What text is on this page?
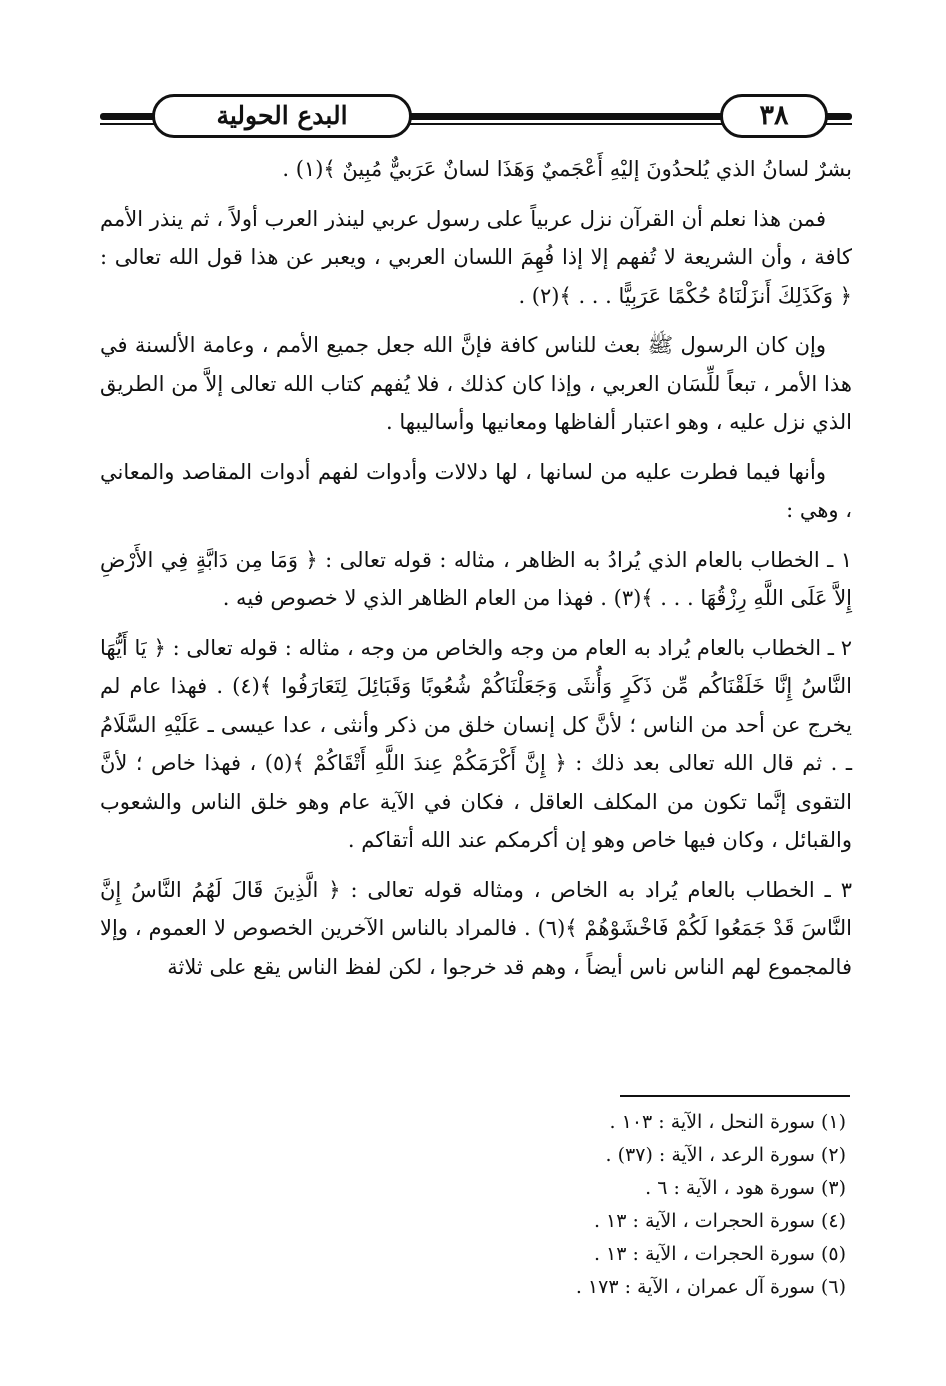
البدع الحولية	٣٨

بشرٌ لسانُ الذي يُلحدُونَ إليْهِ أَعْجَميٌ وَهَذَا لسانٌ عَرَبيٌّ مُبِينٌ ﴾(١) .

فمن هذا نعلم أن القرآن نزل عربياً على رسول عربي لينذر العرب أولاً ، ثم ينذر الأمم كافة ، وأن الشريعة لا تُفهم إلا إذا فُهِمَ اللسان العربي ، ويعبر عن هذا قول الله تعالى : ﴿ وَكَذَلِكَ أَنزَلْنَاهُ حُكْمًا عَرَبِيًّا . . . ﴾(٢) .

وإن كان الرسول ﷺ بعث للناس كافة فإنَّ الله جعل جميع الأمم ، وعامة الألسنة في هذا الأمر ، تبعاً للِّسَان العربي ، وإذا كان كذلك ، فلا يُفهم كتاب الله تعالى إلاَّ من الطريق الذي نزل عليه ، وهو اعتبار ألفاظها ومعانيها وأساليبها .

وأنها فيما فطرت عليه من لسانها ، لها دلالات وأدوات لفهم أدوات المقاصد والمعاني ، وهي :

١ ـ الخطاب بالعام الذي يُرادُ به الظاهر ، مثاله : قوله تعالى : ﴿ وَمَا مِن دَابَّةٍ فِي الأَرْضِ إِلاَّ عَلَى اللَّهِ رِزْقُهَا . . . ﴾(٣) . فهذا من العام الظاهر الذي لا خصوص فيه .

٢ ـ الخطاب بالعام يُراد به العام من وجه والخاص من وجه ، مثاله : قوله تعالى : ﴿ يَا أَيُّهَا النَّاسُ إِنَّا خَلَقْنَاكُم مِّن ذَكَرٍ وَأُنثَى وَجَعَلْنَاكُمْ شُعُوبًا وَقَبَائِلَ لِتَعَارَفُوا ﴾(٤) . فهذا عام لم يخرج عن أحد من الناس ؛ لأنَّ كل إنسان خلق من ذكر وأنثى ، عدا عيسى ـ عَلَيْهِ السَّلَامُ ـ . ثم قال الله تعالى بعد ذلك : ﴿ إِنَّ أَكْرَمَكُمْ عِندَ اللَّهِ أَتْقَاكُمْ ﴾(٥) ، فهذا خاص ؛ لأنَّ التقوى إنَّما تكون من المكلف العاقل ، فكان في الآية عام وهو خلق الناس والشعوب والقبائل ، وكان فيها خاص وهو إن أكرمكم عند الله أتقاكم .

٣ ـ الخطاب بالعام يُراد به الخاص ، ومثاله قوله تعالى : ﴿ الَّذِينَ قَالَ لَهُمُ النَّاسُ إِنَّ النَّاسَ قَدْ جَمَعُوا لَكُمْ فَاخْشَوْهُمْ ﴾(٦) . فالمراد بالناس الآخرين الخصوص لا العموم ، وإلا فالمجموع لهم الناس ناس أيضاً ، وهم قد خرجوا ، لكن لفظ الناس يقع على ثلاثة

(١) سورة النحل ، الآية : ١٠٣ .

(٢) سورة الرعد ، الآية : (٣٧) .

(٣) سورة هود ، الآية : ٦ .

(٤) سورة الحجرات ، الآية : ١٣ .

(٥) سورة الحجرات ، الآية : ١٣ .

(٦) سورة آل عمران ، الآية : ١٧٣ .
